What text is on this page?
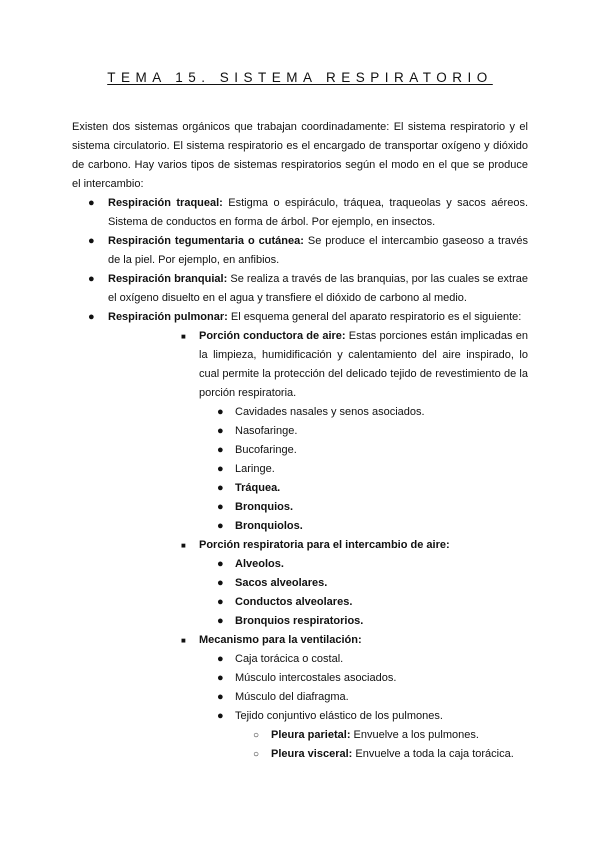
TEMA 15. SISTEMA RESPIRATORIO

Existen dos sistemas orgánicos que trabajan coordinadamente: El sistema respiratorio y el sistema circulatorio. El sistema respiratorio es el encargado de transportar oxígeno y dióxido de carbono. Hay varios tipos de sistemas respiratorios según el modo en el que se produce el intercambio:

● Respiración traqueal: Estigma o espiráculo, tráquea, traqueolas y sacos aéreos. Sistema de conductos en forma de árbol. Por ejemplo, en insectos.
● Respiración tegumentaria o cutánea: Se produce el intercambio gaseoso a través de la piel. Por ejemplo, en anfibios.
● Respiración branquial: Se realiza a través de las branquias, por las cuales se extrae el oxígeno disuelto en el agua y transfiere el dióxido de carbono al medio.
● Respiración pulmonar: El esquema general del aparato respiratorio es el siguiente:
■ Porción conductora de aire: Estas porciones están implicadas en la limpieza, humidificación y calentamiento del aire inspirado, lo cual permite la protección del delicado tejido de revestimiento de la porción respiratoria.
● Cavidades nasales y senos asociados.
● Nasofaringe.
● Bucofaringe.
● Laringe.
● Tráquea.
● Bronquios.
● Bronquiolos.
■ Porción respiratoria para el intercambio de aire:
● Alveolos.
● Sacos alveolares.
● Conductos alveolares.
● Bronquios respiratorios.
■ Mecanismo para la ventilación:
● Caja torácica o costal.
● Músculo intercostales asociados.
● Músculo del diafragma.
● Tejido conjuntivo elástico de los pulmones.
○ Pleura parietal: Envuelve a los pulmones.
○ Pleura visceral: Envuelve a toda la caja torácica.
